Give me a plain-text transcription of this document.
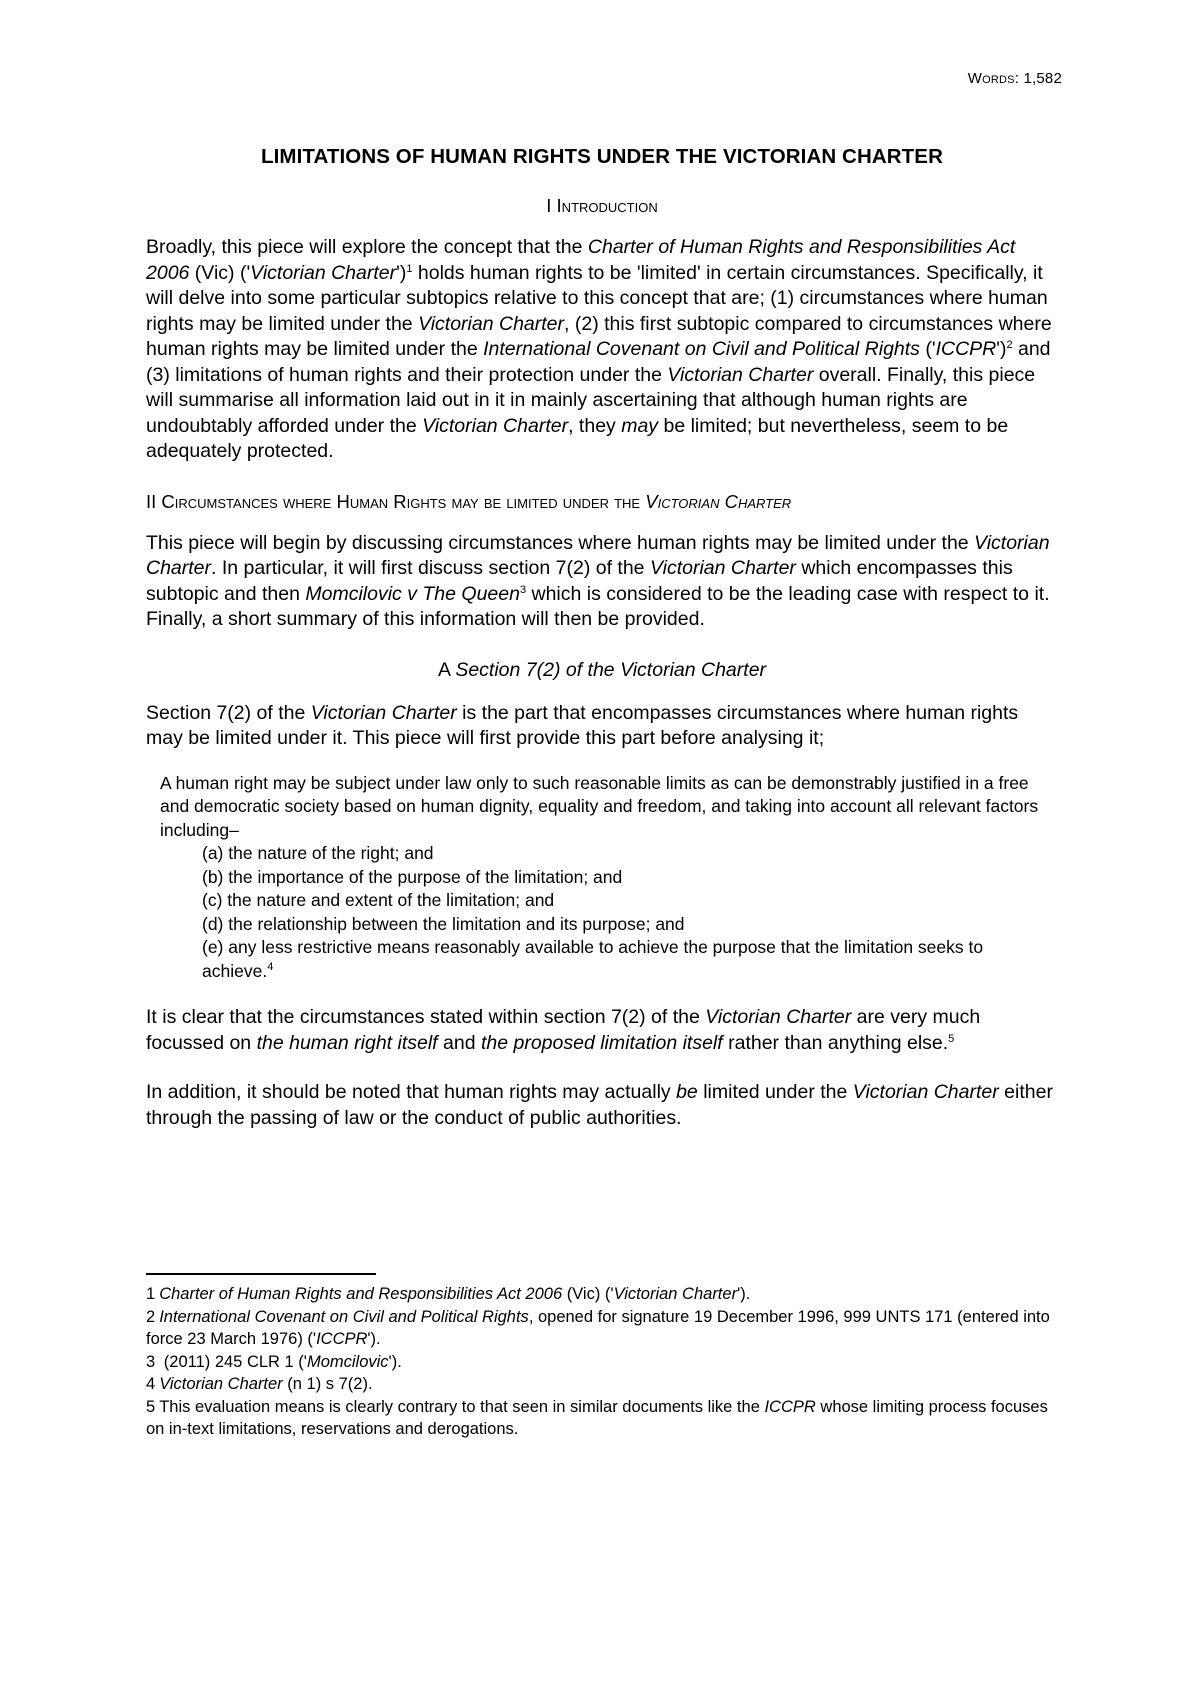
Words: 1,582
LIMITATIONS OF HUMAN RIGHTS UNDER THE VICTORIAN CHARTER
I Introduction

Broadly, this piece will explore the concept that the Charter of Human Rights and Responsibilities Act 2006 (Vic) ('Victorian Charter')$^1$ holds human rights to be 'limited' in certain circumstances. Specifically, it will delve into some particular subtopics relative to this concept that are; (1) circumstances where human rights may be limited under the Victorian Charter, (2) this first subtopic compared to circumstances where human rights may be limited under the International Covenant on Civil and Political Rights ('ICCPR')$^2$ and (3) limitations of human rights and their protection under the Victorian Charter overall. Finally, this piece will summarise all information laid out in it in mainly ascertaining that although human rights are undoubtably afforded under the Victorian Charter, they may be limited; but nevertheless, seem to be adequately protected.

II Circumstances where Human Rights may be limited under the Victorian Charter

This piece will begin by discussing circumstances where human rights may be limited under the Victorian Charter. In particular, it will first discuss section 7(2) of the Victorian Charter which encompasses this subtopic and then Momcilovic v The Queen$^3$ which is considered to be the leading case with respect to it. Finally, a short summary of this information will then be provided.

A Section 7(2) of the Victorian Charter

Section 7(2) of the Victorian Charter is the part that encompasses circumstances where human rights may be limited under it. This piece will first provide this part before analysing it;

A human right may be subject under law only to such reasonable limits as can be demonstrably justified in a free and democratic society based on human dignity, equality and freedom, and taking into account all relevant factors including–
(a) the nature of the right; and
(b) the importance of the purpose of the limitation; and
(c) the nature and extent of the limitation; and
(d) the relationship between the limitation and its purpose; and
(e) any less restrictive means reasonably available to achieve the purpose that the limitation seeks to achieve.$^4$

It is clear that the circumstances stated within section 7(2) of the Victorian Charter are very much focussed on the human right itself and the proposed limitation itself rather than anything else.$^5$

In addition, it should be noted that human rights may actually be limited under the Victorian Charter either through the passing of law or the conduct of public authorities.

1 Charter of Human Rights and Responsibilities Act 2006 (Vic) ('Victorian Charter').
2 International Covenant on Civil and Political Rights, opened for signature 19 December 1996, 999 UNTS 171 (entered into force 23 March 1976) ('ICCPR').
3 (2011) 245 CLR 1 ('Momcilovic').
4 Victorian Charter (n 1) s 7(2).
5 This evaluation means is clearly contrary to that seen in similar documents like the ICCPR whose limiting process focuses on in-text limitations, reservations and derogations.
